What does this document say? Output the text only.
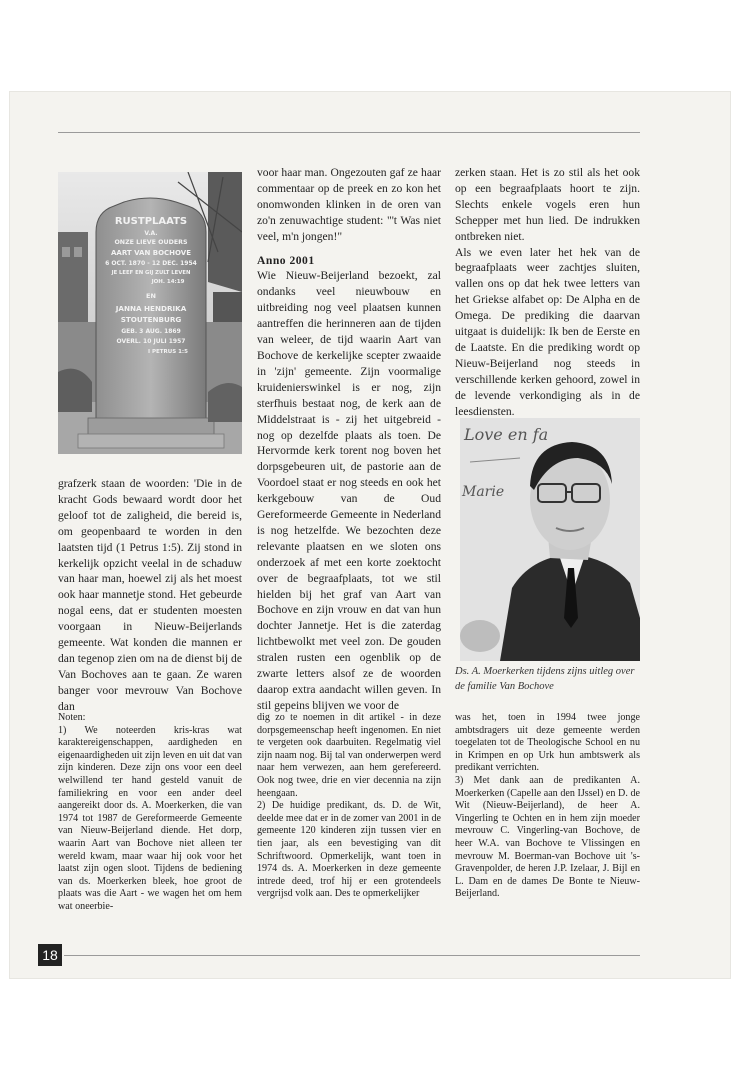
RUSTPLAATS
V.A.
ONZE LIEVE OUDERS
AART VAN BOCHOVE
6 OCT. 1870 - 12 DEC. 1954
JE LEEF EN GIJ ZULT LEVEN
JOH. 14:19
EN
JANNA HENDRIKA
STOUTENBURG
GEB. 3 AUG. 1869
OVERL. 10 JULI 1957
I PETRUS 1:5

grafzerk staan de woorden: 'Die in de kracht Gods bewaard wordt door het geloof tot de zaligheid, die bereid is, om geopenbaard te worden in den laatsten tijd (1 Petrus 1:5). Zij stond in kerkelijk opzicht veelal in de schaduw van haar man, hoewel zij als het moest ook haar mannetje stond. Het gebeurde nogal eens, dat er studenten moesten voorgaan in Nieuw-Beijerlands gemeente. Wat konden die mannen er dan tegenop zien om na de dienst bij de Van Bochoves aan te gaan. Ze waren banger voor mevrouw Van Bochove dan

voor haar man. Ongezouten gaf ze haar commentaar op de preek en zo kon het onomwonden klinken in de oren van zo'n zenuwachtige student: "'t Was niet veel, m'n jongen!"

Anno 2001

Wie Nieuw-Beijerland bezoekt, zal ondanks veel nieuwbouw en uitbreiding nog veel plaatsen kunnen aantreffen die herinneren aan de tijden van weleer, de tijd waarin Aart van Bochove de kerkelijke scepter zwaaide in 'zijn' gemeente. Zijn voormalige kruidenierswinkel is er nog, zijn sterfhuis bestaat nog, de kerk aan de Middelstraat is - zij het uitgebreid - nog op dezelfde plaats als toen. De Hervormde kerk torent nog boven het dorpsgebeuren uit, de pastorie aan de Voordoel staat er nog steeds en ook het kerkgebouw van de Oud Gereformeerde Gemeente in Nederland is nog hetzelfde. We bezochten deze relevante plaatsen en we sloten ons onderzoek af met een korte zoektocht over de begraafplaats, tot we stil hielden bij het graf van Aart van Bochove en zijn vrouw en dat van hun dochter Jannetje. Het is die zaterdag lichtbewolkt met veel zon. De gouden stralen rusten een ogenblik op de zwarte letters alsof ze de woorden daarop extra aandacht willen geven. In stil gepeins blijven we voor de

zerken staan. Het is zo stil als het ook op een begraafplaats hoort te zijn. Slechts enkele vogels eren hun Schepper met hun lied. De indrukken ontbreken niet.

Als we even later het hek van de begraafplaats weer zachtjes sluiten, vallen ons op dat hek twee letters van het Griekse alfabet op: De Alpha en de Omega. De prediking die daarvan uitgaat is duidelijk: Ik ben de Eerste en de Laatste. En die prediking wordt op Nieuw-Beijerland nog steeds in verschillende kerken gehoord, zowel in de levende verkondiging als in de leesdiensten.

Love en fa
Marie
Ds. A. Moerkerken tijdens zijns uitleg over de familie Van Bochove

Noten:
1) We noteerden kris-kras wat karaktereigenschappen, aardigheden en eigenaardigheden uit zijn leven en uit dat van zijn kinderen. Deze zijn ons voor een deel welwillend ter hand gesteld vanuit de familiekring en voor een ander deel aangereikt door ds. A. Moerkerken, die van 1974 tot 1987 de Gereformeerde Gemeente van Nieuw-Beijerland diende. Het dorp, waarin Aart van Bochove niet alleen ter wereld kwam, maar waar hij ook voor het laatst zijn ogen sloot. Tijdens de bediening van ds. Moerkerken bleek, hoe groot de plaats was die Aart - we wagen het om hem wat oneerbie-

dig zo te noemen in dit artikel - in deze dorpsgemeenschap heeft ingenomen. En niet te vergeten ook daarbuiten. Regelmatig viel zijn naam nog. Bij tal van onderwerpen werd naar hem verwezen, aan hem gerefereerd. Ook nog twee, drie en vier decennia na zijn heengaan.
2) De huidige predikant, ds. D. de Wit, deelde mee dat er in de zomer van 2001 in de gemeente 120 kinderen zijn tussen vier en tien jaar, als een bevestiging van dit Schriftwoord. Opmerkelijk, want toen in 1974 ds. A. Moerkerken in deze gemeente intrede deed, trof hij er een grotendeels vergrijsd volk aan. Des te opmerkelijker

was het, toen in 1994 twee jonge ambtsdragers uit deze gemeente werden toegelaten tot de Theologische School en nu in Krimpen en op Urk hun ambtswerk als predikant verrichten.
3) Met dank aan de predikanten A. Moerkerken (Capelle aan den IJssel) en D. de Wit (Nieuw-Beijerland), de heer A. Vingerling te Ochten en in hem zijn moeder mevrouw C. Vingerling-van Bochove, de heer W.A. van Bochove te Vlissingen en mevrouw M. Boerman-van Bochove uit 's- Gravenpolder, de heren J.P. Izelaar, J. Bijl en L. Dam en de dames De Bonte te Nieuw-Beijerland.

18
